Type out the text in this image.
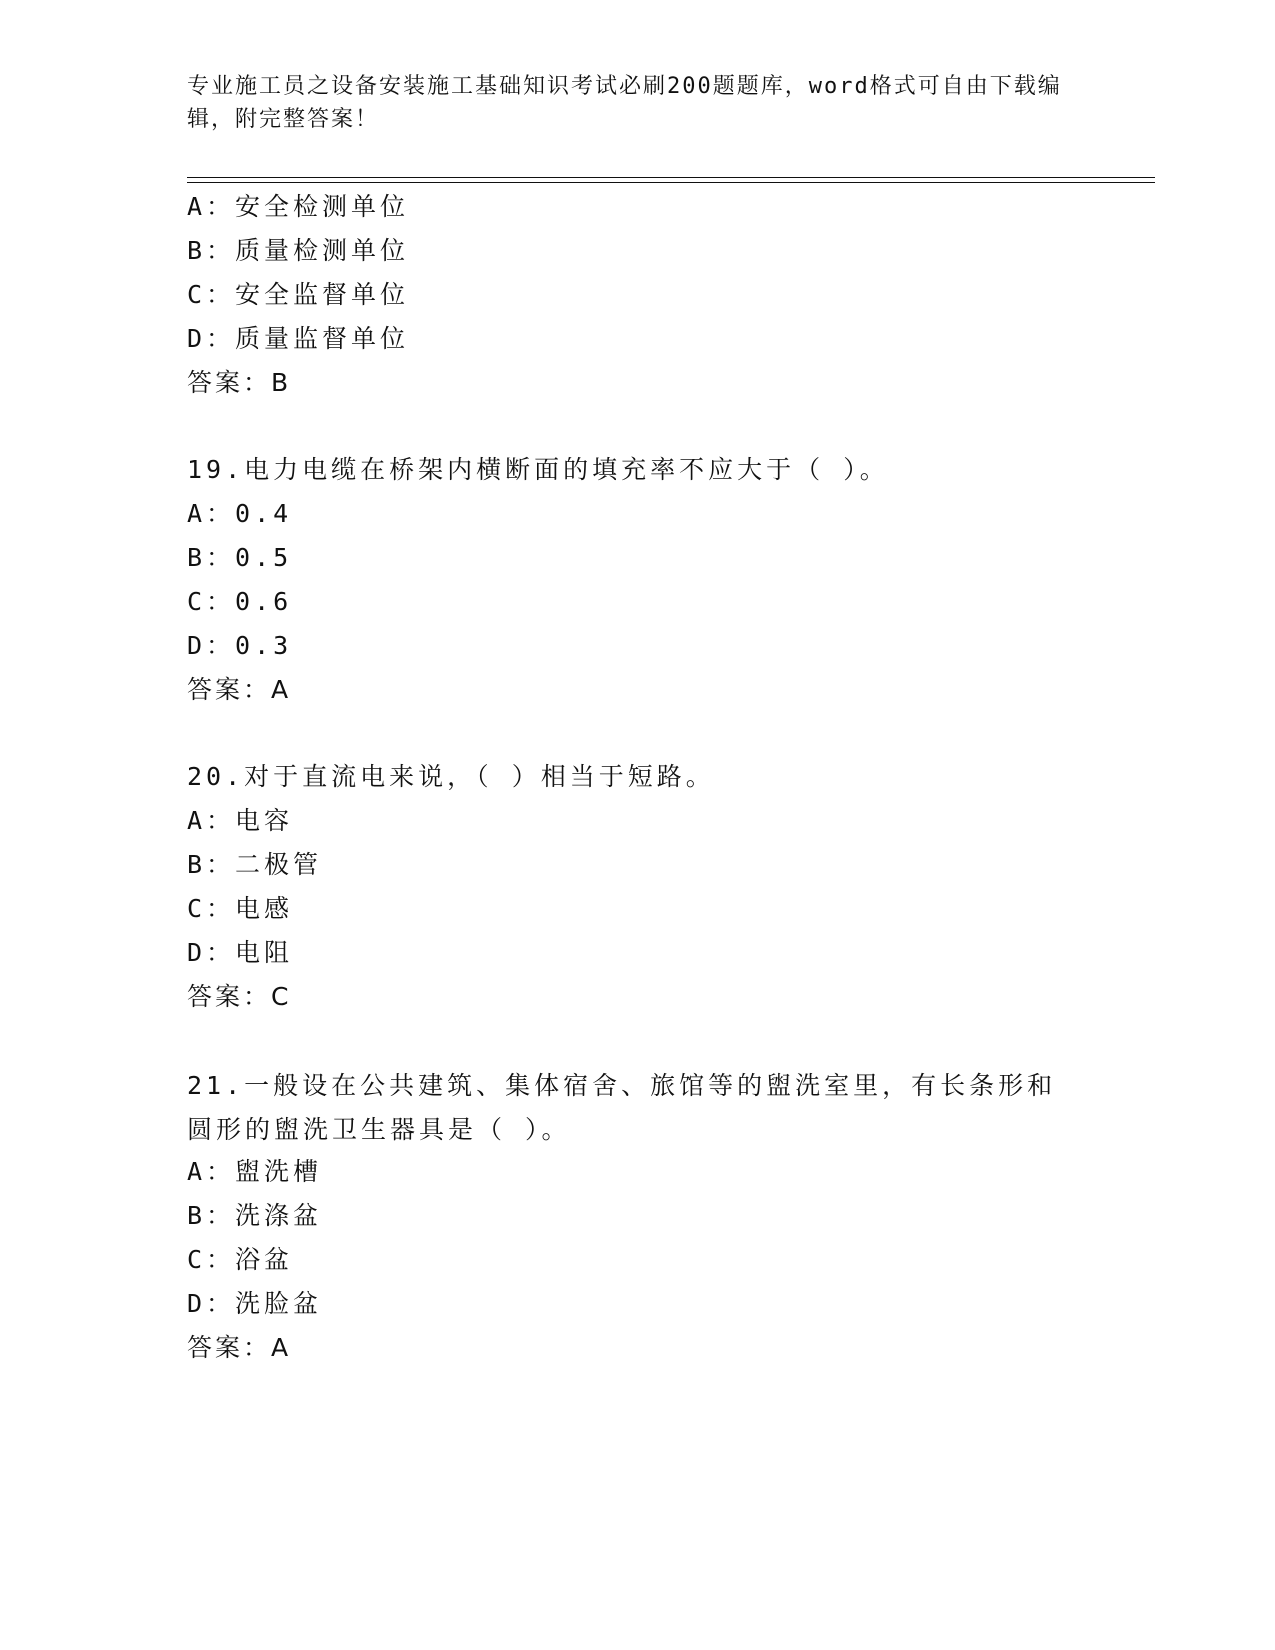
专业施工员之设备安装施工基础知识考试必刷200题题库，word格式可自由下载编辑，附完整答案！
A：安全检测单位
B：质量检测单位
C：安全监督单位
D：质量监督单位
答案：B
19.电力电缆在桥架内横断面的填充率不应大于（ ）。
A：0.4
B：0.5
C：0.6
D：0.3
答案：A
20.对于直流电来说，（ ）相当于短路。
A：电容
B：二极管
C：电感
D：电阻
答案：C
21.一般设在公共建筑、集体宿舍、旅馆等的盥洗室里，有长条形和圆形的盥洗卫生器具是（ ）。
A：盥洗槽
B：洗涤盆
C：浴盆
D：洗脸盆
答案：A
